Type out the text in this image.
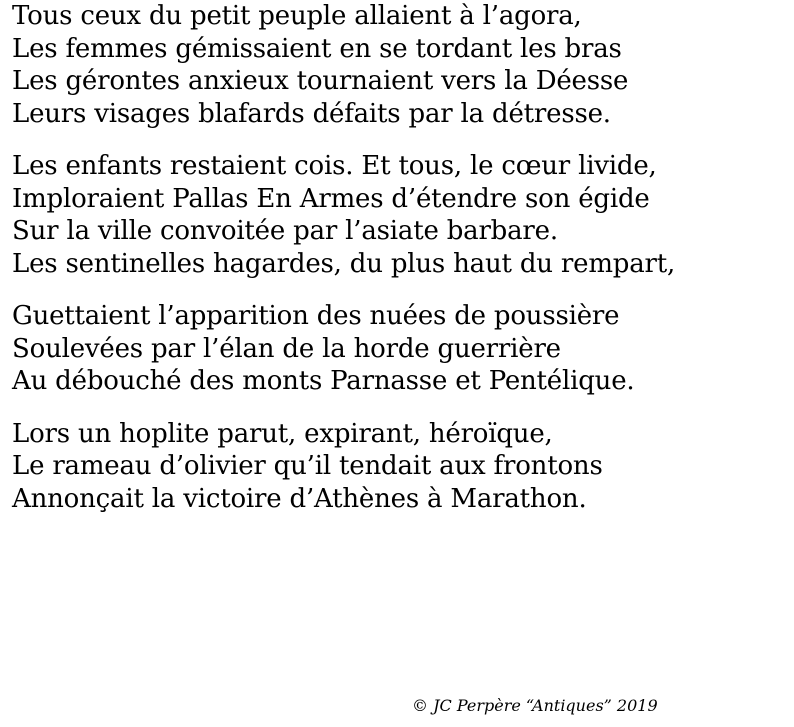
Tous ceux du petit peuple allaient à l’agora,
Les femmes gémissaient en se tordant les bras
Les gérontes anxieux tournaient vers la Déesse
Leurs visages blafards défaits par la détresse.
Les enfants restaient cois. Et tous, le cœur livide,
Imploraient Pallas En Armes d’étendre son égide
Sur la ville convoitée par l’asiate barbare.
Les sentinelles hagardes, du plus haut du rempart,
Guettaient l’apparition des nuées de poussière
Soulevées par l’élan de la horde guerrière
Au débouché des monts Parnasse et Pentélique.
Lors un hoplite parut, expirant, héroïque,
Le rameau d’olivier qu’il tendait aux frontons
Annonçait la victoire d’Athènes à Marathon.
© JC Perpère “Antiques” 2019
